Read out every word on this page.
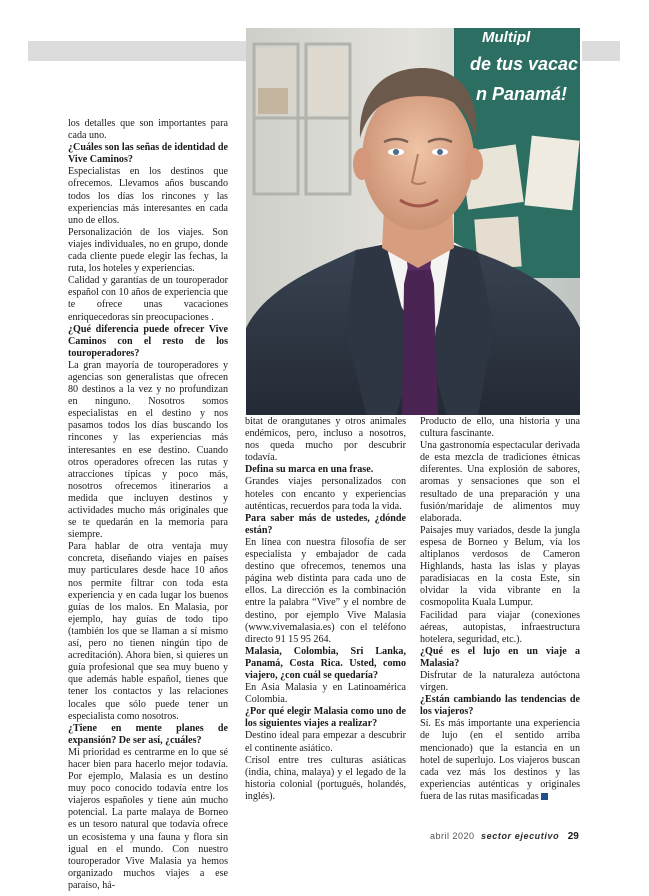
Multipl
de tus vacac
n Panamá!

los detalles que son importantes para cada uno.

¿Cuáles son las señas de identidad de Vive Caminos?

Especialistas en los destinos que ofrecemos. Llevamos años buscando todos los días los rincones y las experiencias más interesantes en cada uno de ellos.

Personalización de los viajes. Son viajes individuales, no en grupo, donde cada cliente puede elegir las fechas, la ruta, los hoteles y experiencias.

Calidad y garantías de un touroperador español con 10 años de experiencia que te ofrece unas vacaciones enriquecedoras sin preocupaciones .

¿Qué diferencia puede ofrecer Vive Caminos con el resto de los touroperadores?

La gran mayoría de touroperadores y agencias son generalistas que ofrecen 80 destinos a la vez y no profundizan en ninguno. Nosotros somos especialistas en el destino y nos pasamos todos los días buscando los rincones y las experiencias más interesantes en ese destino. Cuando otros operadores ofrecen las rutas y atracciones típicas y poco más, nosotros ofrecemos itinerarios a medida que incluyen destinos y actividades mucho más originales que se te quedarán en la memoria para siempre.

Para hablar de otra ventaja muy concreta, diseñando viajes en países muy particulares desde hace 10 años nos permite filtrar con toda esta experiencia y en cada lugar los buenos guías de los malos. En Malasia, por ejemplo, hay guías de todo tipo (también los que se llaman a sí mismo así, pero no tienen ningún tipo de acreditación). Ahora bien, si quieres un guía profesional que sea muy bueno y que además hable español, tienes que tener los contactos y las relaciones locales que sólo puede tener un especialista como nosotros.

¿Tiene en mente planes de expansión? De ser así, ¿cuáles?

Mi prioridad es centrarme en lo que sé hacer bien para hacerlo mejor todavía. Por ejemplo, Malasia es un destino muy poco conocido todavía entre los viajeros españoles y tiene aún mucho potencial. La parte malaya de Borneo es un tesoro natural que todavía ofrece un ecosistema y una fauna y flora sin igual en el mundo. Con nuestro touroperador Vive Malasia ya hemos organizado muchos viajes a ese paraíso, há-

bitat de orangutanes y otros animales endémicos, pero, incluso a nosotros, nos queda mucho por descubrir todavía.

Defina su marca en una frase.

Grandes viajes personalizados con hoteles con encanto y experiencias auténticas, recuerdos para toda la vida.

Para saber más de ustedes, ¿dónde están?

En línea con nuestra filosofía de ser especialista y embajador de cada destino que ofrecemos, tenemos una página web distinta para cada uno de ellos. La dirección es la combinación entre la palabra “Vive” y el nombre de destino, por ejemplo Vive Malasia (www.vivemalasia.es) con el teléfono directo 91 15 95 264.

Malasia, Colombia, Sri Lanka, Panamá, Costa Rica. Usted, como viajero, ¿con cuál se quedaría?

En Asia Malasia y en Latinoamérica Colombia.

¿Por qué elegir Malasia como uno de los siguientes viajes a realizar?

Destino ideal para empezar a descubrir el continente asiático.

Crisol entre tres culturas asiáticas (india, china, malaya) y el legado de la historia colonial (portugués, holandés, inglés).

Producto de ello, una historia y una cultura fascinante.

Una gastronomía espectacular derivada de esta mezcla de tradiciones étnicas diferentes. Una explosión de sabores, aromas y sensaciones que son el resultado de una preparación y una fusión/maridaje de alimentos muy elaborada.

Paisajes muy variados, desde la jungla espesa de Borneo y Belum, vía los altiplanos verdosos de Cameron Highlands, hasta las islas y playas paradisiacas en la costa Este, sin olvidar la vida vibrante en la cosmopolita Kuala Lumpur.

Facilidad para viajar (conexiones aéreas, autopistas, infraestructura hotelera, seguridad, etc.).

¿Qué es el lujo en un viaje a Malasia?

Disfrutar de la naturaleza autóctona virgen.

¿Están cambiando las tendencias de los viajeros?

Sí. Es más importante una experiencia de lujo (en el sentido arriba mencionado) que la estancia en un hotel de superlujo. Los viajeros buscan cada vez más los destinos y las experiencias auténticas y originales fuera de las rutas masificadas

abril 2020 sector ejecutivo 29
